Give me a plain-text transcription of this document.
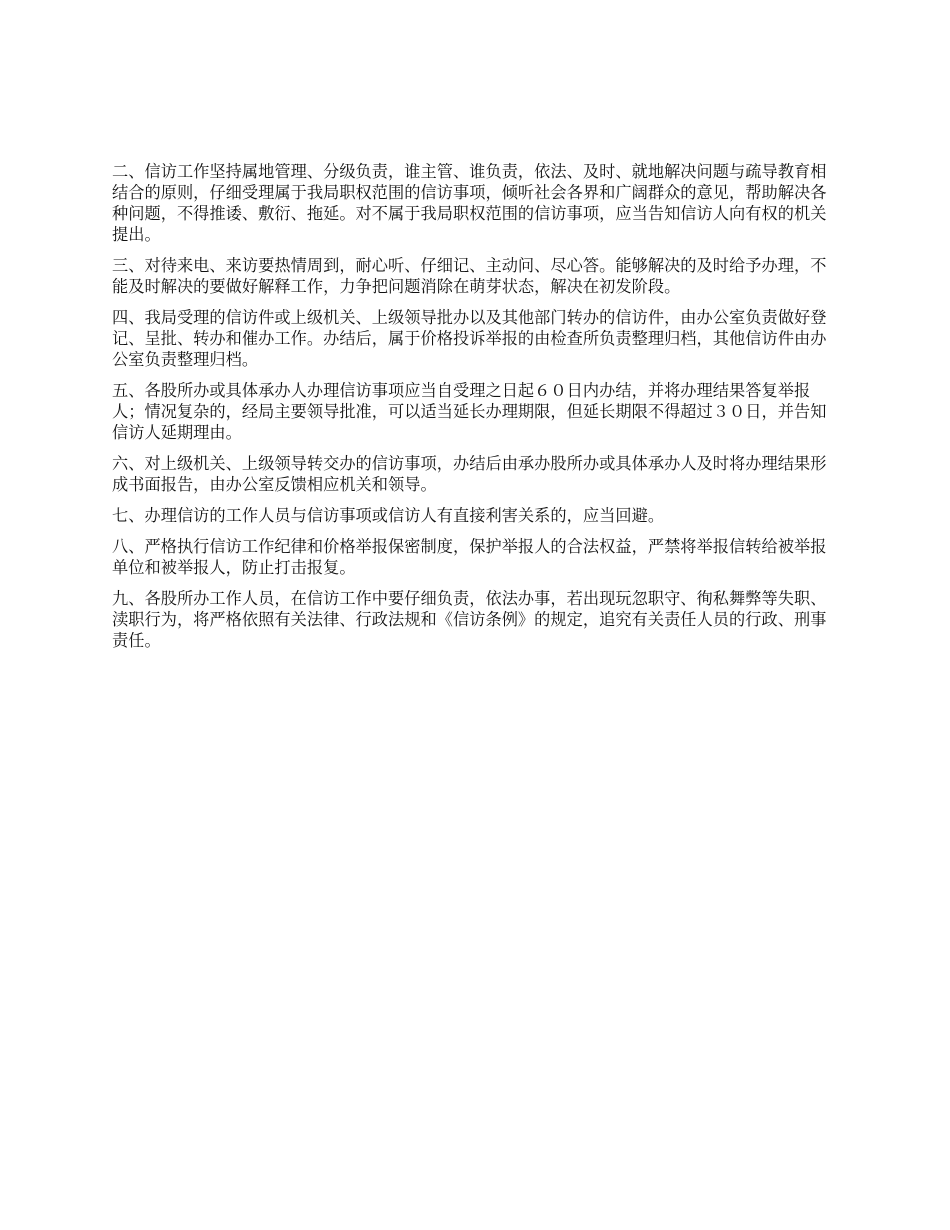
二、信访工作坚持属地管理、分级负责，谁主管、谁负责，依法、及时、就地解决问题与疏导教育相结合的原则，仔细受理属于我局职权范围的信访事项，倾听社会各界和广阔群众的意见，帮助解决各种问题，不得推诿、敷衍、拖延。对不属于我局职权范围的信访事项，应当告知信访人向有权的机关提出。

三、对待来电、来访要热情周到，耐心听、仔细记、主动问、尽心答。能够解决的及时给予办理，不能及时解决的要做好解释工作，力争把问题消除在萌芽状态，解决在初发阶段。

四、我局受理的信访件或上级机关、上级领导批办以及其他部门转办的信访件，由办公室负责做好登记、呈批、转办和催办工作。办结后，属于价格投诉举报的由检查所负责整理归档，其他信访件由办公室负责整理归档。

五、各股所办或具体承办人办理信访事项应当自受理之日起６０日内办结，并将办理结果答复举报人；情况复杂的，经局主要领导批准，可以适当延长办理期限，但延长期限不得超过３０日，并告知信访人延期理由。

六、对上级机关、上级领导转交办的信访事项，办结后由承办股所办或具体承办人及时将办理结果形成书面报告，由办公室反馈相应机关和领导。

七、办理信访的工作人员与信访事项或信访人有直接利害关系的，应当回避。

八、严格执行信访工作纪律和价格举报保密制度，保护举报人的合法权益，严禁将举报信转给被举报单位和被举报人，防止打击报复。

九、各股所办工作人员，在信访工作中要仔细负责，依法办事，若出现玩忽职守、徇私舞弊等失职、渎职行为，将严格依照有关法律、行政法规和《信访条例》的规定，追究有关责任人员的行政、刑事责任。
